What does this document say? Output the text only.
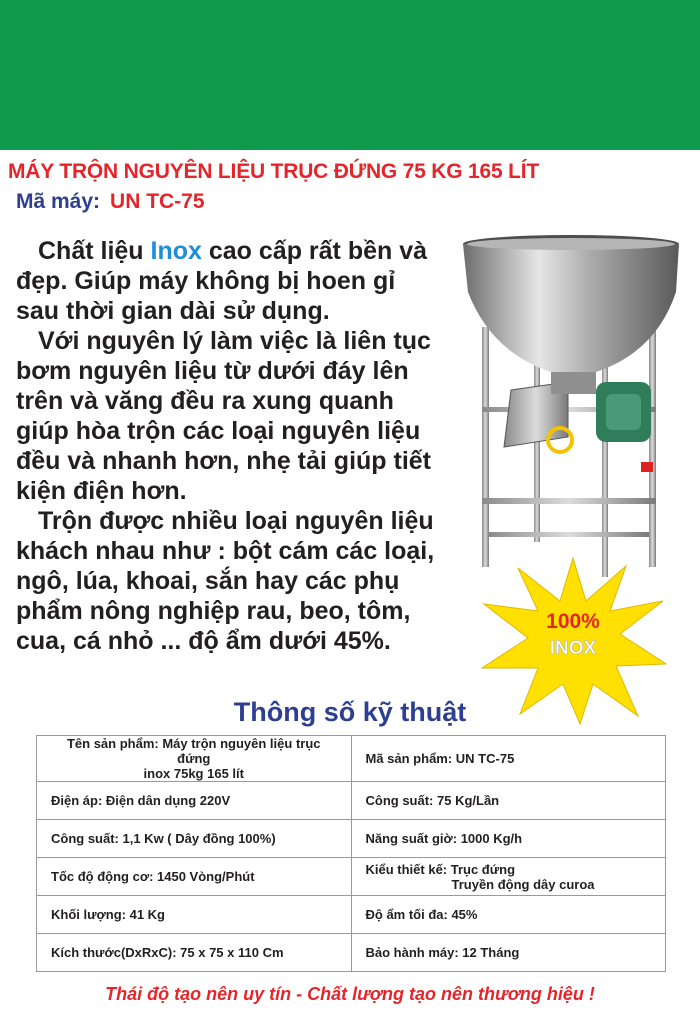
MÁY TRỘN NGUYÊN LIỆU TRỤC ĐỨNG 75 KG 165 LÍT
Mã máy: UN TC-75

Chất liệu Inox cao cấp rất bền và đẹp. Giúp máy không bị hoen gỉ sau thời gian dài sử dụng.

Với nguyên lý làm việc là liên tục bơm nguyên liệu từ dưới đáy lên trên và văng đều ra xung quanh giúp hòa trộn các loại nguyên liệu đều và nhanh hơn, nhẹ tải giúp tiết kiện điện hơn.

Trộn được nhiều loại nguyên liệu khách nhau như : bột cám các loại, ngô, lúa, khoai, sắn hay các phụ phẩm nông nghiệp rau, beo, tôm, cua, cá nhỏ ... độ ẩm dưới 45%.

100%
INOX
Thông số kỹ thuật
Tên sản phẩm: Máy trộn nguyên liệu trục đứng
inox 75kg 165 lít	Mã sản phẩm: UN TC-75
Điện áp: Điện dân dụng 220V	Công suất: 75 Kg/Lần
Công suất: 1,1 Kw ( Dây đồng 100%)	Năng suất giờ: 1000 Kg/h
Tốc độ động cơ: 1450 Vòng/Phút	Kiểu thiết kế: Trục đứng
Truyền động dây curoa

Khối lượng: 41 Kg	Độ ẩm tối đa: 45%
Kích thước(DxRxC): 75 x 75 x 110 Cm	Bảo hành máy: 12 Tháng
Thái độ tạo nên uy tín - Chất lượng tạo nên thương hiệu !
